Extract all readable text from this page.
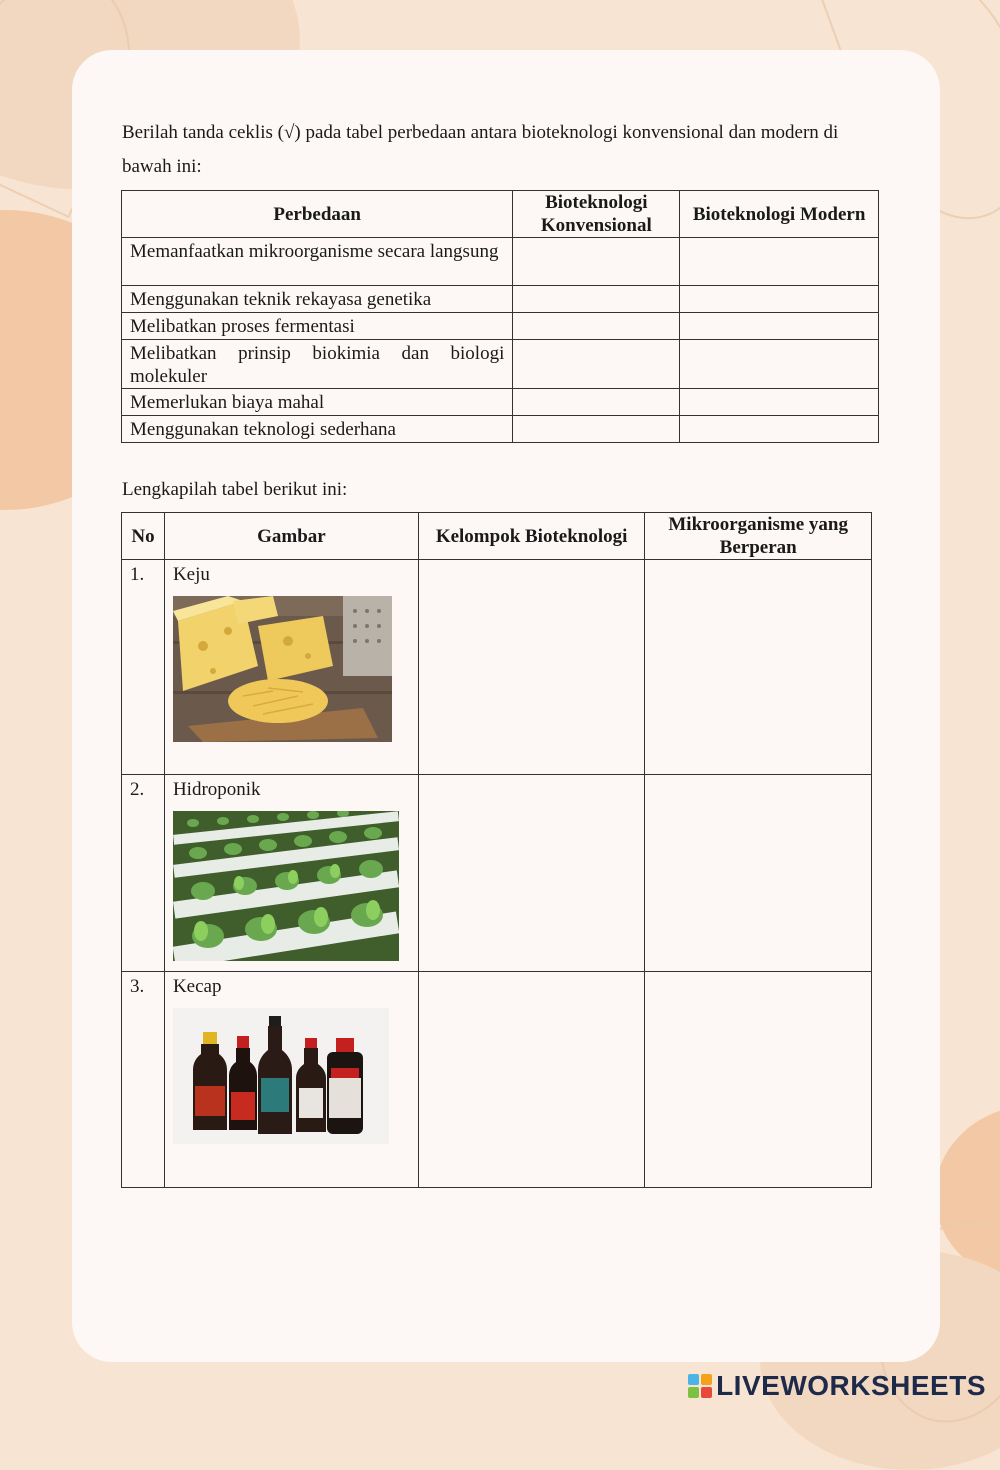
Berilah tanda ceklis (√) pada tabel perbedaan antara bioteknologi konvensional dan modern di bawah ini:
Perbedaan	Bioteknologi Konvensional	Bioteknologi Modern
Memanfaatkan mikroorganisme secara langsung		
Menggunakan teknik rekayasa genetika		
Melibatkan proses fermentasi		
Melibatkan prinsip biokimia dan biologi molekuler		
Memerlukan biaya mahal		
Menggunakan teknologi sederhana		
Lengkapilah tabel berikut ini:
No	Gambar	Kelompok Bioteknologi	Mikroorganisme yang Berperan
1.	Keju		

2.	Hidroponik		

3.	Kecap		

LIVEWORKSHEETS
